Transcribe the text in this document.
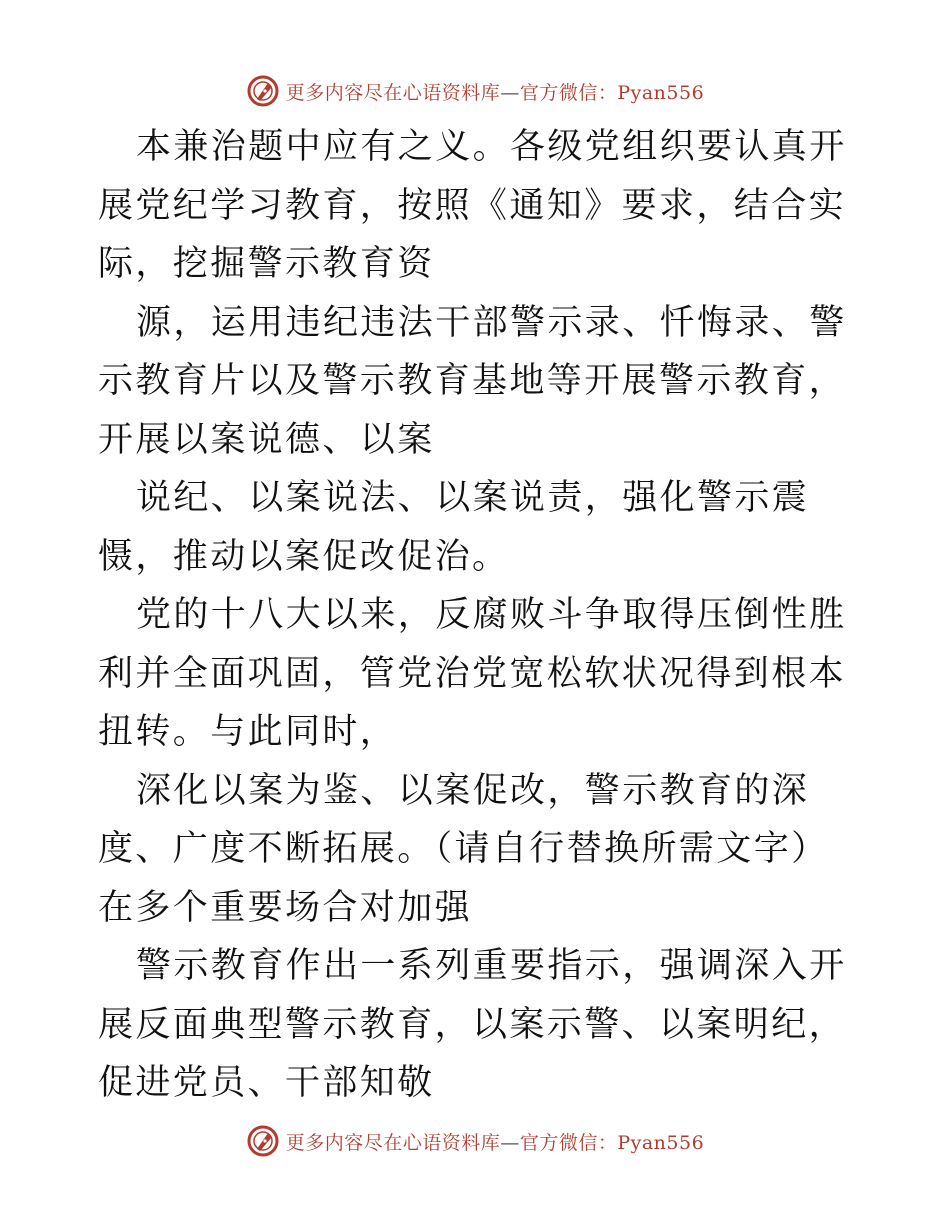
更多内容尽在心语资料库—官方微信：Pyan556

本兼治题中应有之义。各级党组织要认真开展党纪学习教育，按照《通知》要求，结合实际，挖掘警示教育资

源，运用违纪违法干部警示录、忏悔录、警示教育片以及警示教育基地等开展警示教育，开展以案说德、以案

说纪、以案说法、以案说责，强化警示震慑，推动以案促改促治。

党的十八大以来，反腐败斗争取得压倒性胜利并全面巩固，管党治党宽松软状况得到根本扭转。与此同时，

深化以案为鉴、以案促改，警示教育的深度、广度不断拓展。（请自行替换所需文字）在多个重要场合对加强

警示教育作出一系列重要指示，强调深入开展反面典型警示教育，以案示警、以案明纪，促进党员、干部知敬

更多内容尽在心语资料库—官方微信：Pyan556
